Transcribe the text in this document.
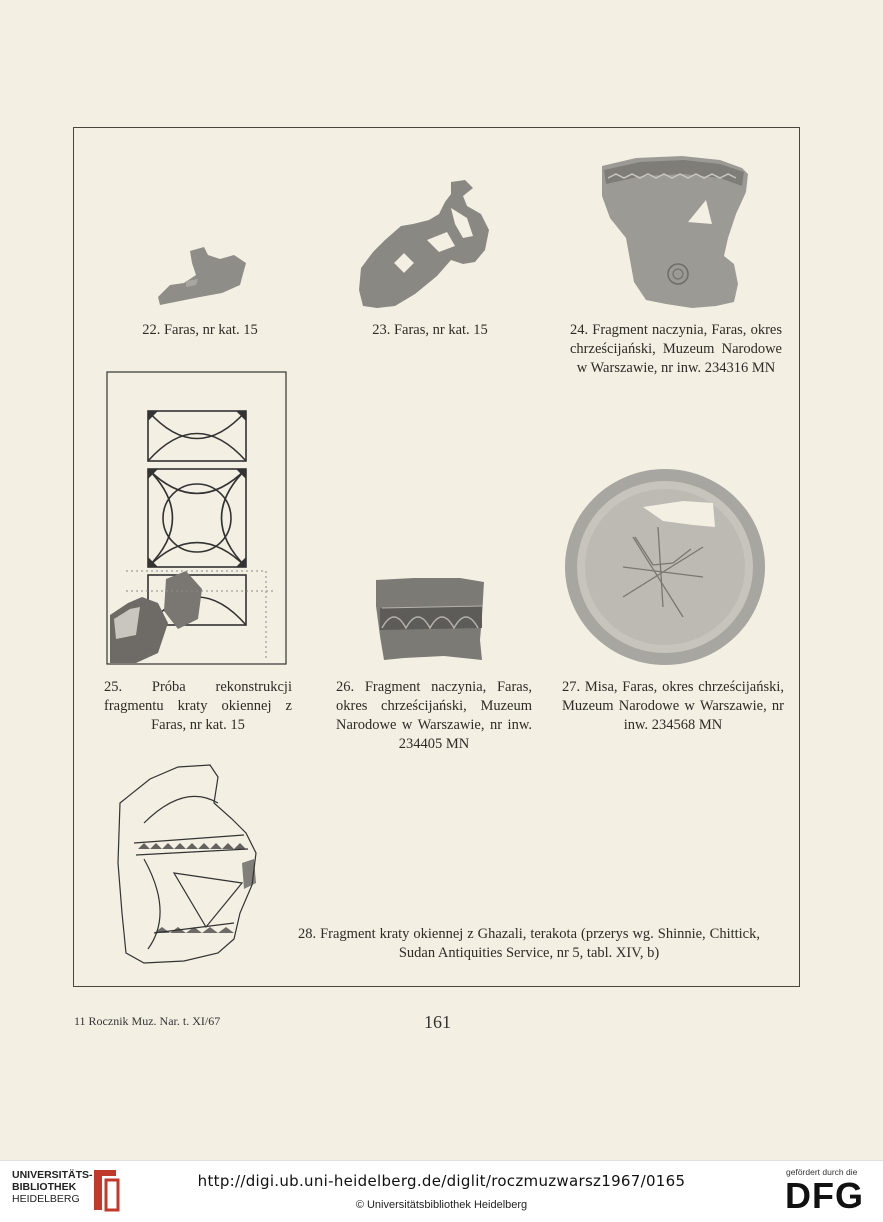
22. Faras, nr kat. 15	23. Faras, nr kat. 15	24. Fragment naczynia, Faras, okres chrześcijański, Muzeum Narodowe w Warszawie, nr inw. 234316 MN
25. Próba rekonstrukcji fragmentu kraty okiennej z Faras, nr kat. 15
26. Fragment naczynia, Faras, okres chrześcijański, Muzeum Narodowe w Warszawie, nr inw. 234405 MN
27. Misa, Faras, okres chrześcijański, Muzeum Narodowe w Warszawie, nr inw. 234568 MN
28. Fragment kraty okiennej z Ghazali, terakota (przerys wg. Shinnie, Chittick, Sudan Antiquities Service, nr 5, tabl. XIV, b)
11 Rocznik Muz. Nar. t. XI/67	161
UNIVERSITÄTS-
BIBLIOTHEK
HEIDELBERG
http://digi.ub.uni-heidelberg.de/diglit/roczmuzwarsz1967/0165
© Universitätsbibliothek Heidelberg
gefördert durch die
DFG
